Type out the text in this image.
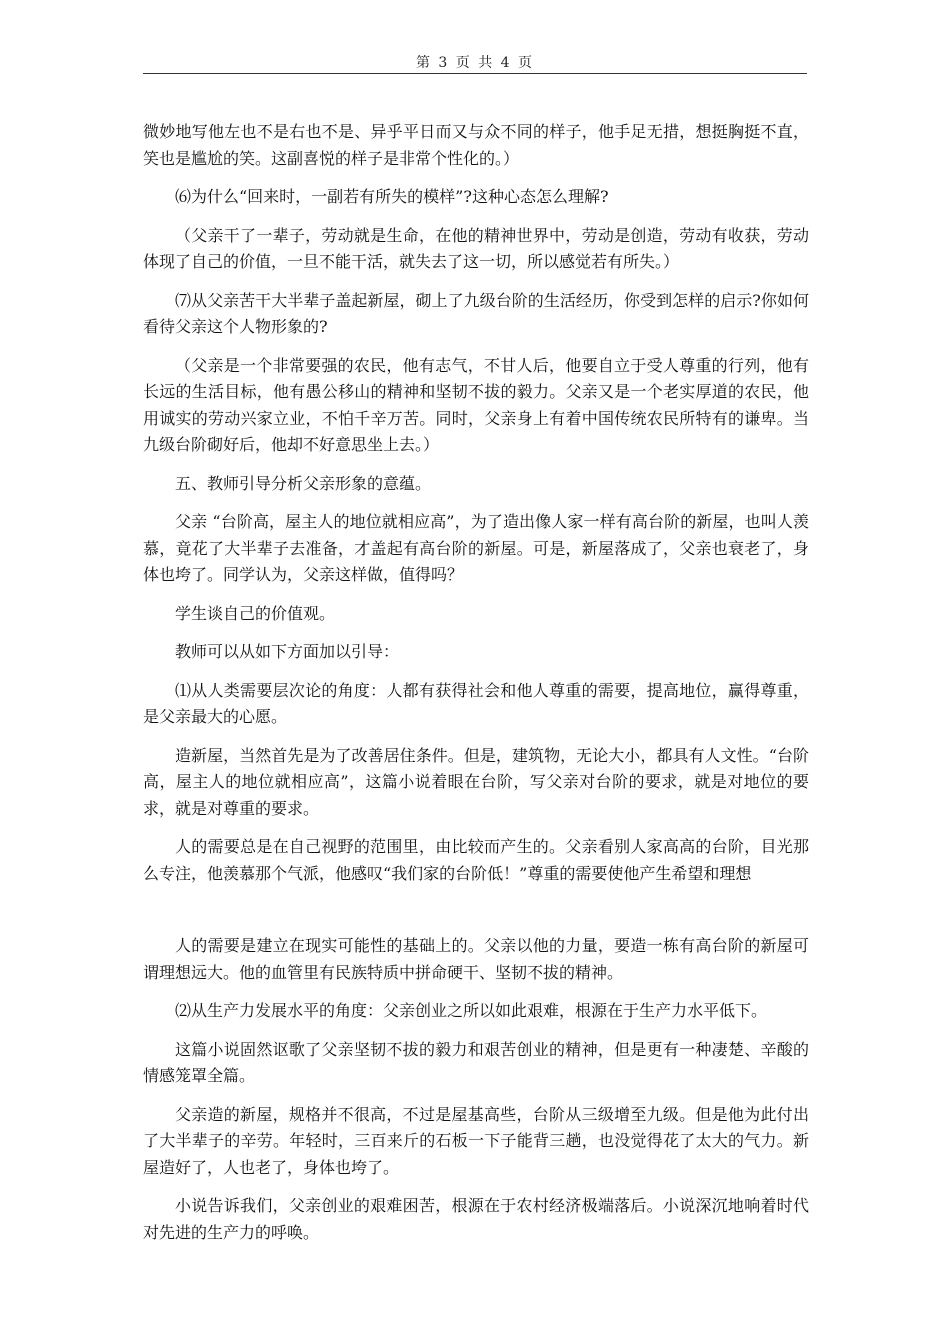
第 3 页 共 4 页

微妙地写他左也不是右也不是、异乎平日而又与众不同的样子，他手足无措，想挺胸挺不直，笑也是尴尬的笑。这副喜悦的样子是非常个性化的。）

⑹为什么“回来时，一副若有所失的模样”?这种心态怎么理解?

（父亲干了一辈子，劳动就是生命，在他的精神世界中，劳动是创造，劳动有收获，劳动体现了自己的价值，一旦不能干活，就失去了这一切，所以感觉若有所失。）

⑺从父亲苦干大半辈子盖起新屋，砌上了九级台阶的生活经历，你受到怎样的启示?你如何看待父亲这个人物形象的?

（父亲是一个非常要强的农民，他有志气，不甘人后，他要自立于受人尊重的行列，他有长远的生活目标，他有愚公移山的精神和坚韧不拔的毅力。父亲又是一个老实厚道的农民，他用诚实的劳动兴家立业，不怕千辛万苦。同时，父亲身上有着中国传统农民所特有的谦卑。当九级台阶砌好后，他却不好意思坐上去。）

五、教师引导分析父亲形象的意蕴。

父亲 “台阶高，屋主人的地位就相应高”，为了造出像人家一样有高台阶的新屋，也叫人羡慕，竟花了大半辈子去准备，才盖起有高台阶的新屋。可是，新屋落成了，父亲也衰老了，身体也垮了。同学认为，父亲这样做，值得吗？

学生谈自己的价值观。

教师可以从如下方面加以引导：

⑴从人类需要层次论的角度：人都有获得社会和他人尊重的需要，提高地位，赢得尊重，是父亲最大的心愿。

造新屋，当然首先是为了改善居住条件。但是，建筑物，无论大小，都具有人文性。“台阶高，屋主人的地位就相应高”，这篇小说着眼在台阶，写父亲对台阶的要求，就是对地位的要求，就是对尊重的要求。

人的需要总是在自己视野的范围里，由比较而产生的。父亲看别人家高高的台阶，目光那么专注，他羡慕那个气派，他感叹“我们家的台阶低！”尊重的需要使他产生希望和理想

人的需要是建立在现实可能性的基础上的。父亲以他的力量，要造一栋有高台阶的新屋可谓理想远大。他的血管里有民族特质中拼命硬干、坚韧不拔的精神。

⑵从生产力发展水平的角度：父亲创业之所以如此艰难，根源在于生产力水平低下。

这篇小说固然讴歌了父亲坚韧不拔的毅力和艰苦创业的精神，但是更有一种凄楚、辛酸的情感笼罩全篇。

父亲造的新屋，规格并不很高，不过是屋基高些，台阶从三级增至九级。但是他为此付出了大半辈子的辛劳。年轻时，三百来斤的石板一下子能背三趟，也没觉得花了太大的气力。新屋造好了，人也老了，身体也垮了。

小说告诉我们，父亲创业的艰难困苦，根源在于农村经济极端落后。小说深沉地响着时代对先进的生产力的呼唤。
